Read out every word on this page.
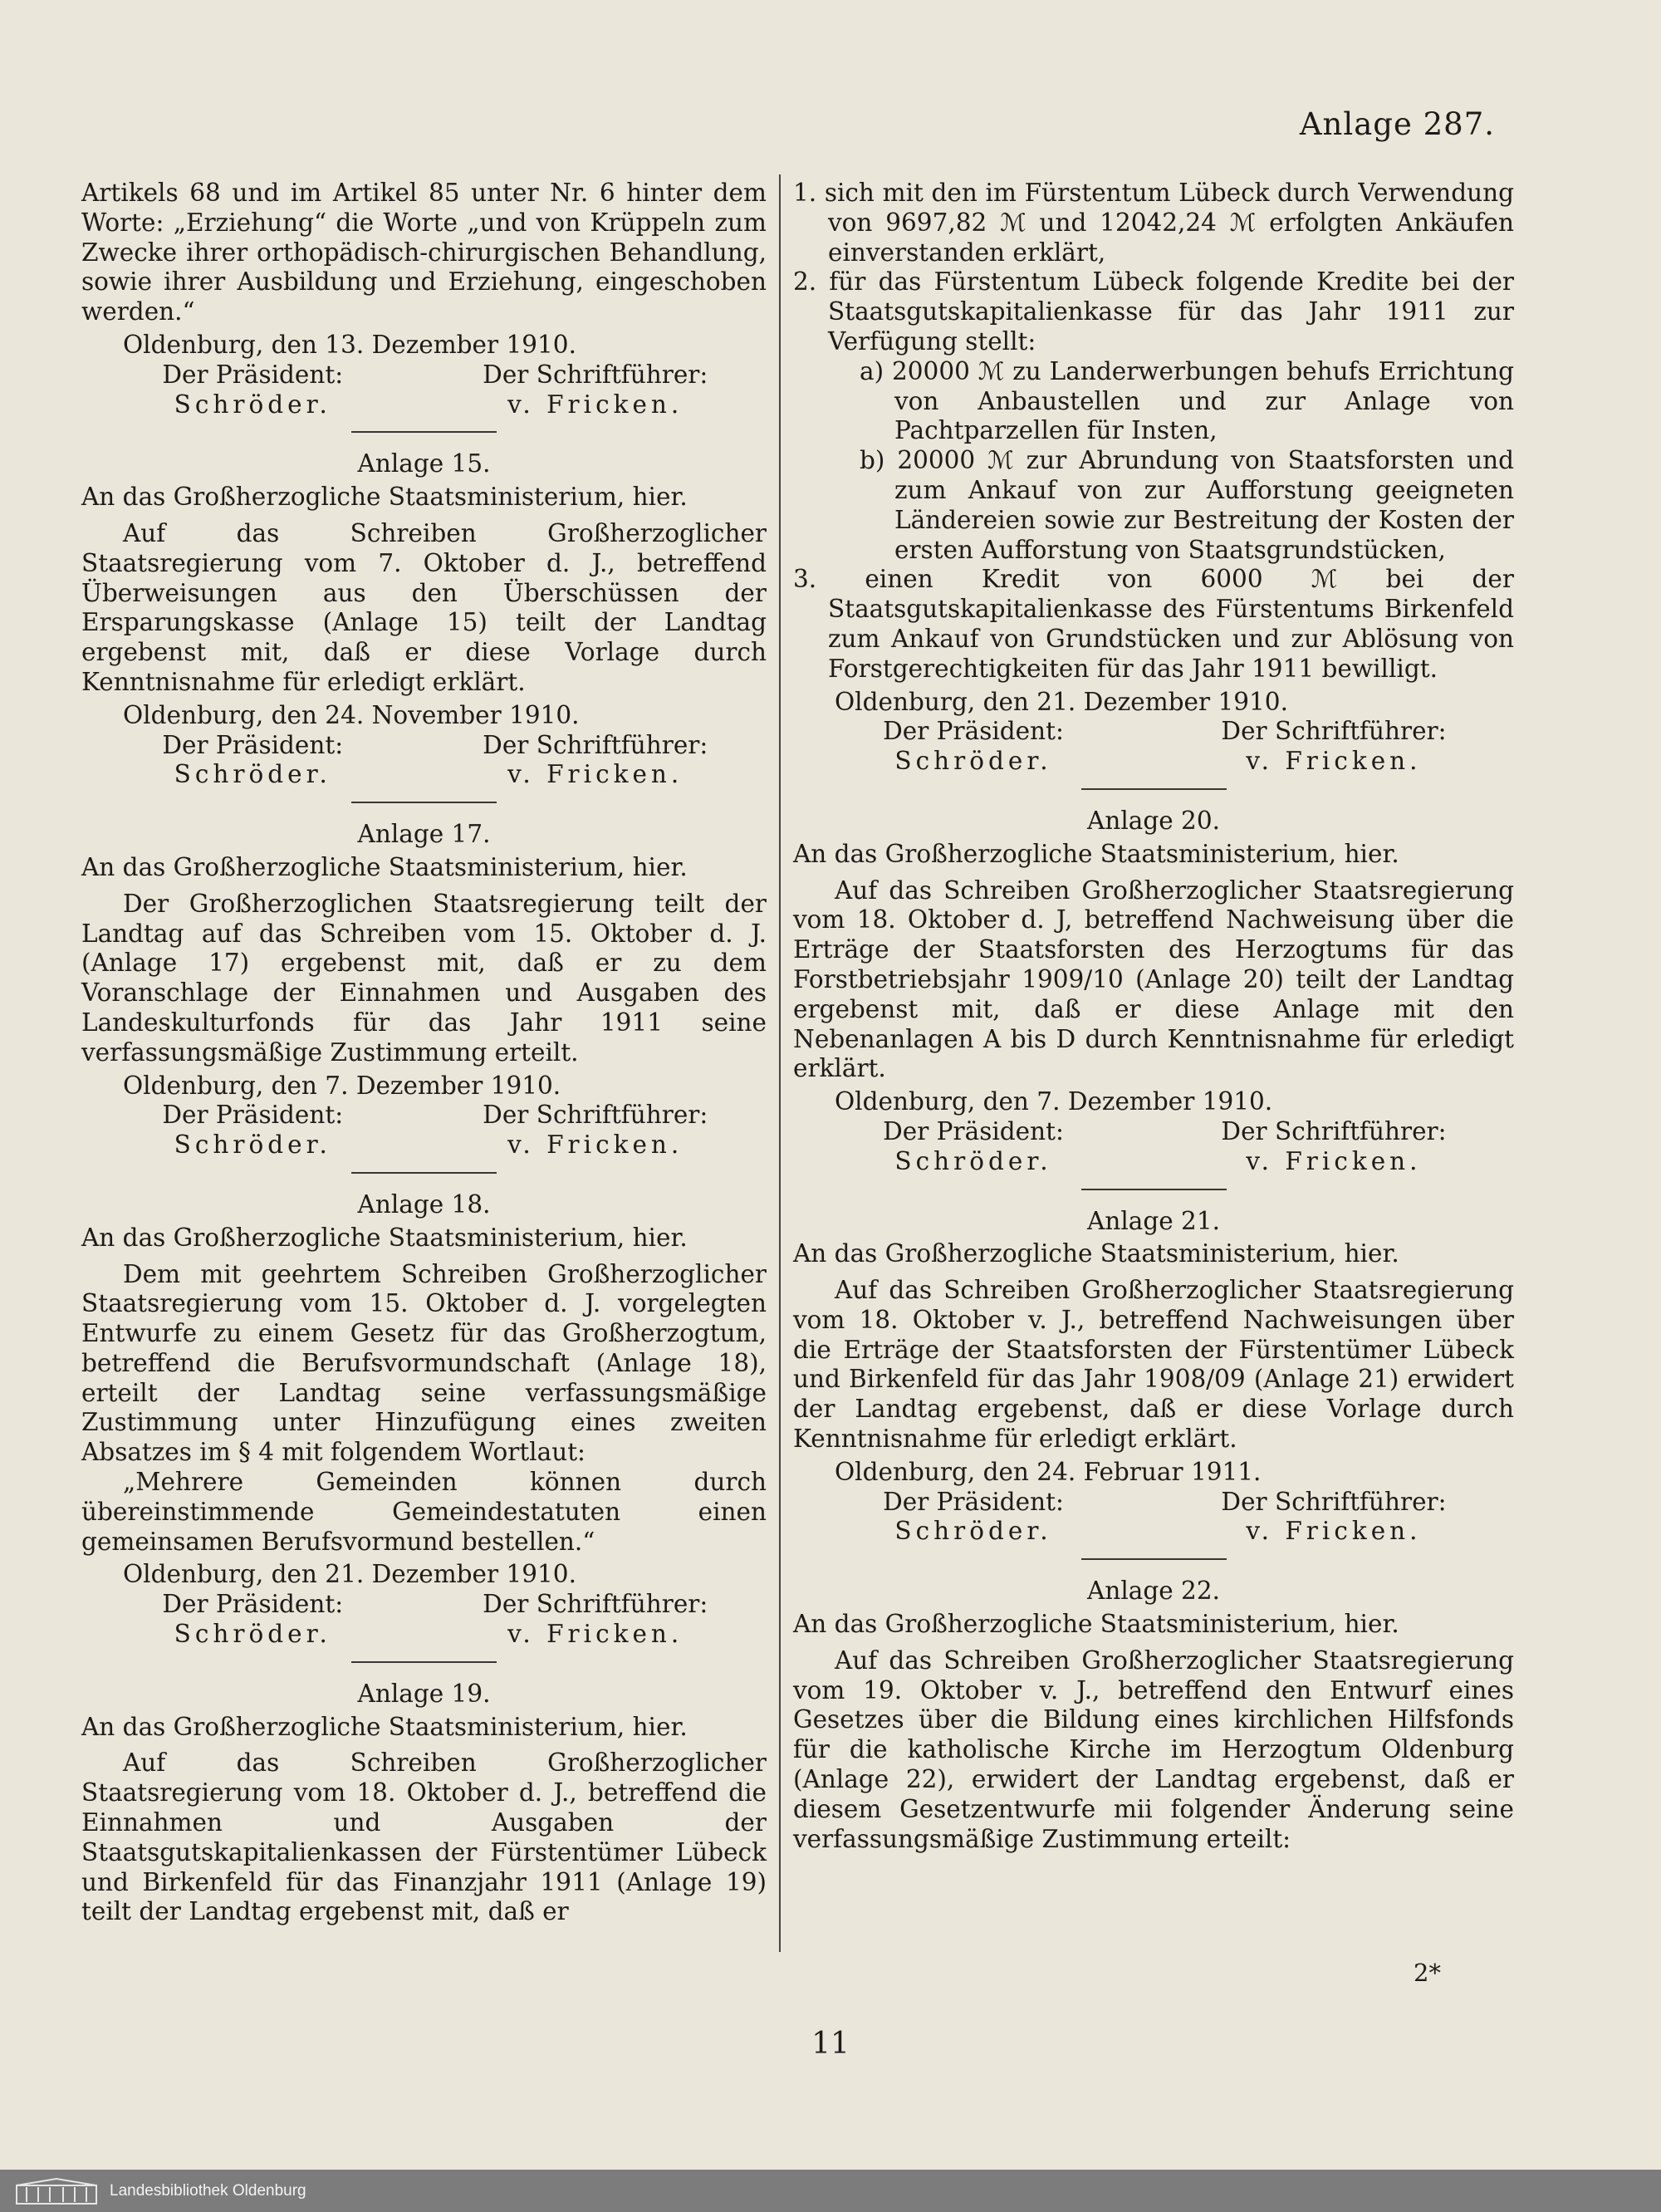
Anlage 287.

Artikels 68 und im Artikel 85 unter Nr. 6 hinter dem Worte: „Erziehung“ die Worte „und von Krüppeln zum Zwecke ihrer orthopädisch-chirurgischen Behandlung, sowie ihrer Ausbildung und Erziehung, eingeschoben werden.“

Oldenburg, den 13. Dezember 1910.

Der Präsident:	Der Schriftführer:
Schröder.	v. Fricken.

Anlage 15.

An das Großherzogliche Staatsministerium, hier.

Auf das Schreiben Großherzoglicher Staatsregierung vom 7. Oktober d. J., betreffend Überweisungen aus den Überschüssen der Ersparungskasse (Anlage 15) teilt der Landtag ergebenst mit, daß er diese Vorlage durch Kenntnisnahme für erledigt erklärt.

Oldenburg, den 24. November 1910.

Der Präsident:	Der Schriftführer:
Schröder.	v. Fricken.

Anlage 17.

An das Großherzogliche Staatsministerium, hier.

Der Großherzoglichen Staatsregierung teilt der Landtag auf das Schreiben vom 15. Oktober d. J. (Anlage 17) ergebenst mit, daß er zu dem Voranschlage der Einnahmen und Ausgaben des Landeskulturfonds für das Jahr 1911 seine verfassungsmäßige Zustimmung erteilt.

Oldenburg, den 7. Dezember 1910.

Der Präsident:	Der Schriftführer:
Schröder.	v. Fricken.

Anlage 18.

An das Großherzogliche Staatsministerium, hier.

Dem mit geehrtem Schreiben Großherzoglicher Staatsregierung vom 15. Oktober d. J. vorgelegten Entwurfe zu einem Gesetz für das Großherzogtum, betreffend die Berufsvormundschaft (Anlage 18), erteilt der Landtag seine verfassungsmäßige Zustimmung unter Hinzufügung eines zweiten Absatzes im § 4 mit folgendem Wortlaut:

„Mehrere Gemeinden können durch übereinstimmende Gemeindestatuten einen gemeinsamen Berufsvormund bestellen.“

Oldenburg, den 21. Dezember 1910.

Der Präsident:	Der Schriftführer:
Schröder.	v. Fricken.

Anlage 19.

An das Großherzogliche Staatsministerium, hier.

Auf das Schreiben Großherzoglicher Staatsregierung vom 18. Oktober d. J., betreffend die Einnahmen und Ausgaben der Staatsgutskapitalienkassen der Fürstentümer Lübeck und Birkenfeld für das Finanzjahr 1911 (Anlage 19) teilt der Landtag ergebenst mit, daß er

1. sich mit den im Fürstentum Lübeck durch Verwendung von 9697,82 ℳ und 12042,24 ℳ erfolgten Ankäufen einverstanden erklärt,
2. für das Fürstentum Lübeck folgende Kredite bei der Staatsgutskapitalienkasse für das Jahr 1911 zur Verfügung stellt:
a) 20000 ℳ zu Landerwerbungen behufs Errichtung von Anbaustellen und zur Anlage von Pachtparzellen für Insten,
b) 20000 ℳ zur Abrundung von Staatsforsten und zum Ankauf von zur Aufforstung geeigneten Ländereien sowie zur Bestreitung der Kosten der ersten Aufforstung von Staatsgrundstücken,
3. einen Kredit von 6000 ℳ bei der Staatsgutskapitalienkasse des Fürstentums Birkenfeld zum Ankauf von Grundstücken und zur Ablösung von Forstgerechtigkeiten für das Jahr 1911 bewilligt.

Oldenburg, den 21. Dezember 1910.

Der Präsident:	Der Schriftführer:
Schröder.	v. Fricken.

Anlage 20.

An das Großherzogliche Staatsministerium, hier.

Auf das Schreiben Großherzoglicher Staatsregierung vom 18. Oktober d. J, betreffend Nachweisung über die Erträge der Staatsforsten des Herzogtums für das Forstbetriebsjahr 1909/10 (Anlage 20) teilt der Landtag ergebenst mit, daß er diese Anlage mit den Nebenanlagen A bis D durch Kenntnisnahme für erledigt erklärt.

Oldenburg, den 7. Dezember 1910.

Der Präsident:	Der Schriftführer:
Schröder.	v. Fricken.

Anlage 21.

An das Großherzogliche Staatsministerium, hier.

Auf das Schreiben Großherzoglicher Staatsregierung vom 18. Oktober v. J., betreffend Nachweisungen über die Erträge der Staatsforsten der Fürstentümer Lübeck und Birkenfeld für das Jahr 1908/09 (Anlage 21) erwidert der Landtag ergebenst, daß er diese Vorlage durch Kenntnisnahme für erledigt erklärt.

Oldenburg, den 24. Februar 1911.

Der Präsident:	Der Schriftführer:
Schröder.	v. Fricken.

Anlage 22.

An das Großherzogliche Staatsministerium, hier.

Auf das Schreiben Großherzoglicher Staatsregierung vom 19. Oktober v. J., betreffend den Entwurf eines Gesetzes über die Bildung eines kirchlichen Hilfsfonds für die katholische Kirche im Herzogtum Oldenburg (Anlage 22), erwidert der Landtag ergebenst, daß er diesem Gesetzentwurfe mii folgender Änderung seine verfassungsmäßige Zustimmung erteilt:

2*
11
Landesbibliothek Oldenburg
